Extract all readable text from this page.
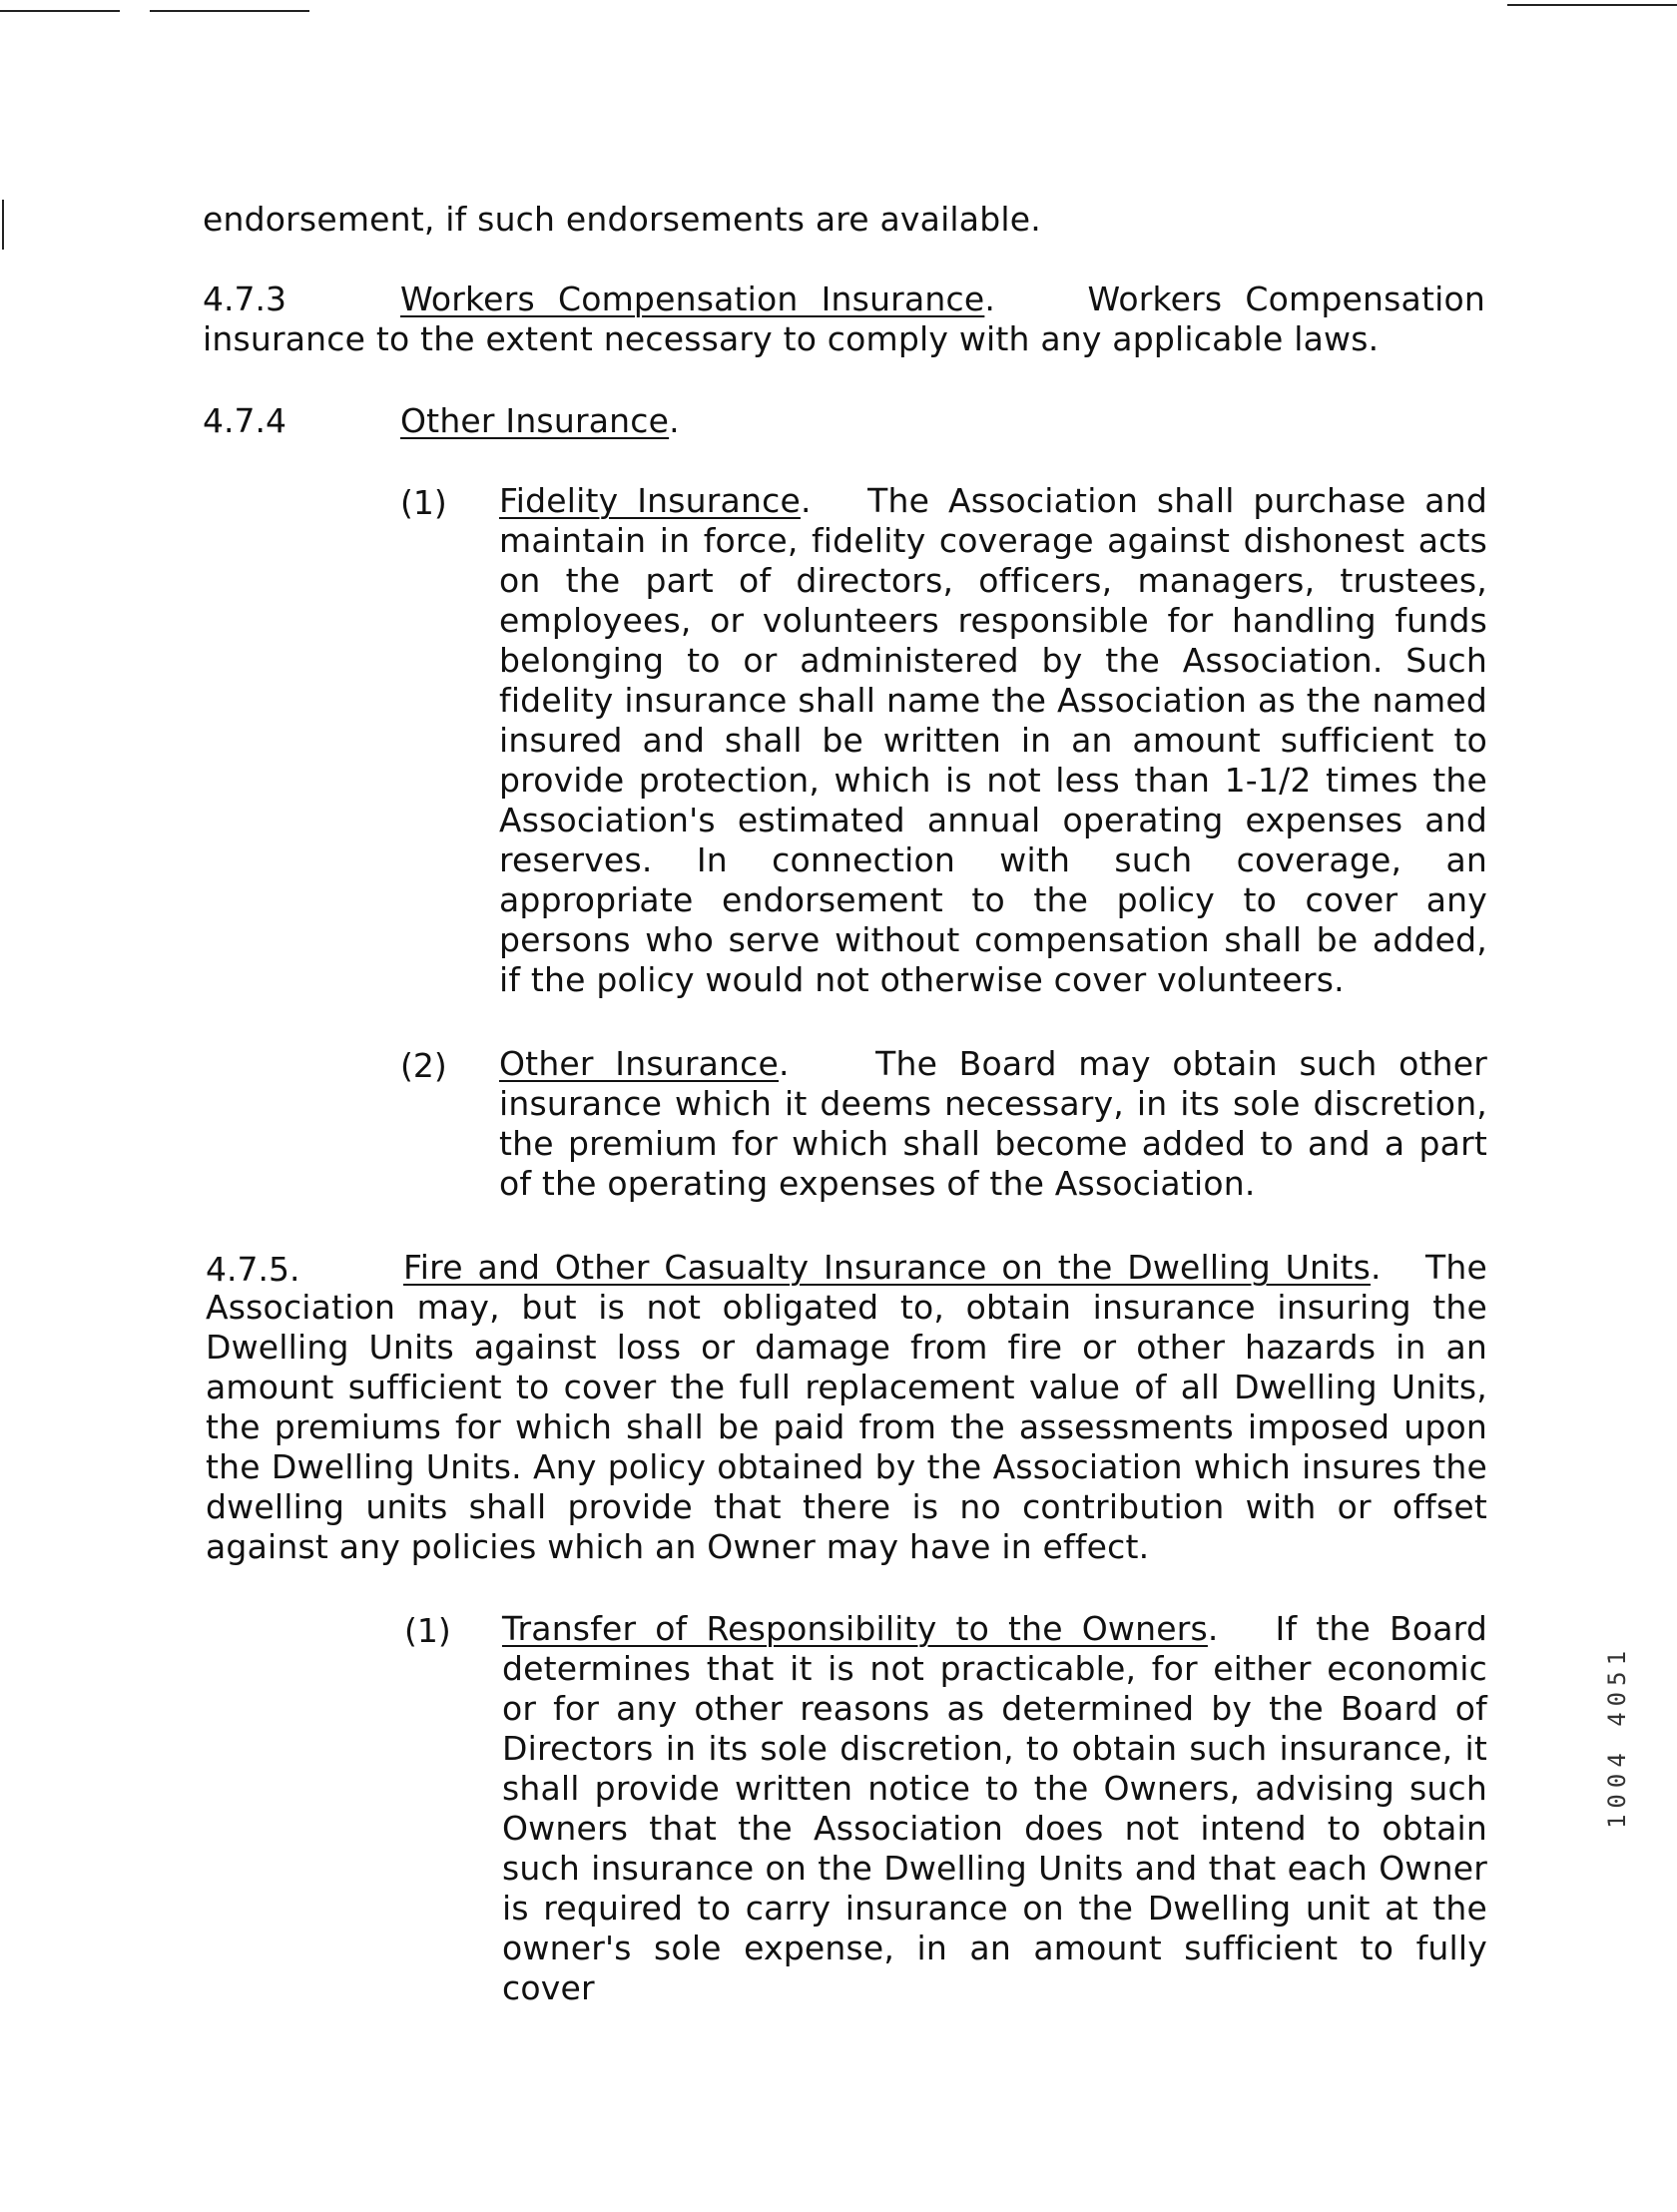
endorsement, if such endorsements are available.
4.7.3	Workers Compensation Insurance.	Workers Compensation insurance to the extent necessary to comply with any applicable laws.
4.7.4	Other Insurance.
(1) Fidelity Insurance. The Association shall purchase and maintain in force, fidelity coverage against dishonest acts on the part of directors, officers, managers, trustees, employees, or volunteers responsible for handling funds belonging to or administered by the Association. Such fidelity insurance shall name the Association as the named insured and shall be written in an amount sufficient to provide protection, which is not less than 1-1/2 times the Association's estimated annual operating expenses and reserves. In connection with such coverage, an appropriate endorsement to the policy to cover any persons who serve without compensation shall be added, if the policy would not otherwise cover volunteers.
(2) Other Insurance.	The Board may obtain such other insurance which it deems necessary, in its sole discretion, the premium for which shall become added to and a part of the operating expenses of the Association.
4.7.5.	Fire and Other Casualty Insurance on the Dwelling Units. The Association may, but is not obligated to, obtain insurance insuring the Dwelling Units against loss or damage from fire or other hazards in an amount sufficient to cover the full replacement value of all Dwelling Units, the premiums for which shall be paid from the assessments imposed upon the Dwelling Units. Any policy obtained by the Association which insures the dwelling units shall provide that there is no contribution with or offset against any policies which an Owner may have in effect.
(1) Transfer of Responsibility to the Owners. If the Board determines that it is not practicable, for either economic or for any other reasons as determined by the Board of Directors in its sole discretion, to obtain such insurance, it shall provide written notice to the Owners, advising such Owners that the Association does not intend to obtain such insurance on the Dwelling Units and that each Owner is required to carry insurance on the Dwelling unit at the owner's sole expense, in an amount sufficient to fully cover
1004 4051
